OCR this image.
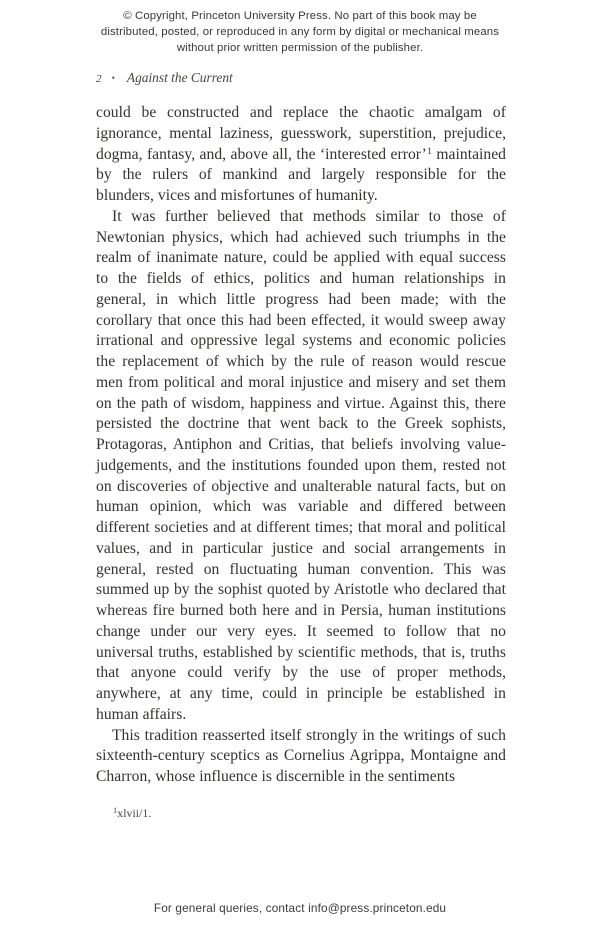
© Copyright, Princeton University Press. No part of this book may be distributed, posted, or reproduced in any form by digital or mechanical means without prior written permission of the publisher.
2 • Against the Current

could be constructed and replace the chaotic amalgam of ignorance, mental laziness, guesswork, superstition, prejudice, dogma, fantasy, and, above all, the ‘interested error’$^1$ maintained by the rulers of mankind and largely responsible for the blunders, vices and misfortunes of humanity.

It was further believed that methods similar to those of Newtonian physics, which had achieved such triumphs in the realm of inanimate nature, could be applied with equal success to the fields of ethics, politics and human relationships in general, in which little progress had been made; with the corollary that once this had been effected, it would sweep away irrational and oppressive legal systems and economic policies the replacement of which by the rule of reason would rescue men from political and moral injustice and misery and set them on the path of wisdom, happiness and virtue. Against this, there persisted the doctrine that went back to the Greek sophists, Protagoras, Antiphon and Critias, that beliefs involving value-judgements, and the institutions founded upon them, rested not on discoveries of objective and unalterable natural facts, but on human opinion, which was variable and differed between different societies and at different times; that moral and political values, and in particular justice and social arrangements in general, rested on fluctuating human convention. This was summed up by the sophist quoted by Aristotle who declared that whereas fire burned both here and in Persia, human institutions change under our very eyes. It seemed to follow that no universal truths, established by scientific methods, that is, truths that anyone could verify by the use of proper methods, anywhere, at any time, could in principle be established in human affairs.

This tradition reasserted itself strongly in the writings of such sixteenth-century sceptics as Cornelius Agrippa, Montaigne and Charron, whose influence is discernible in the sentiments

$^1$xlvii/1.
For general queries, contact info@press.princeton.edu
